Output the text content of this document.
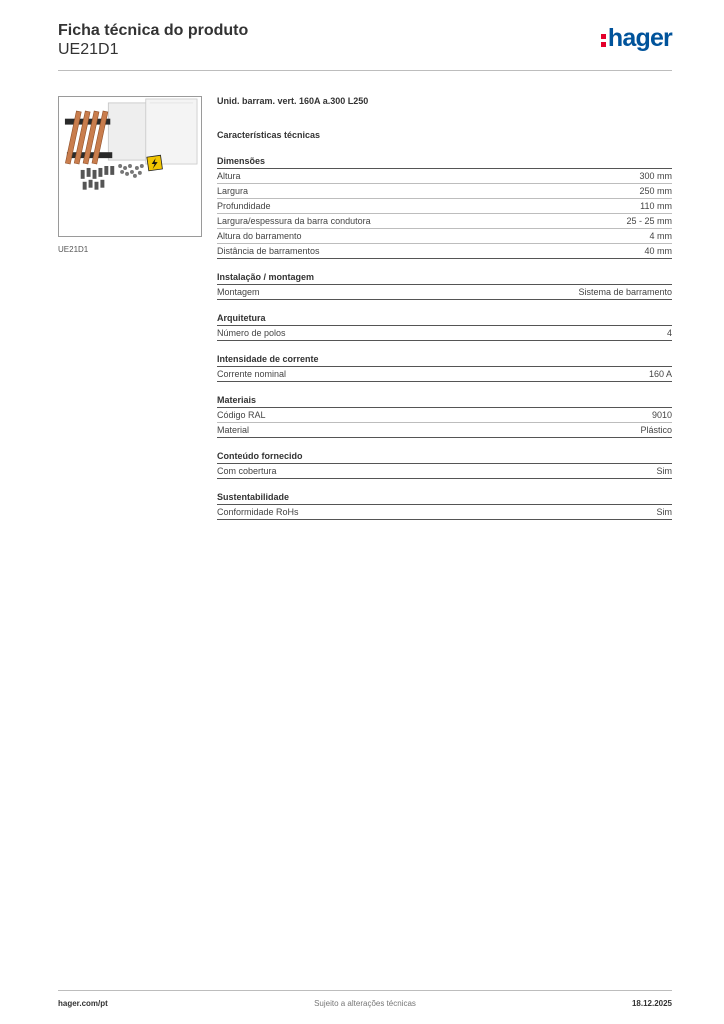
Ficha técnica do produto
UE21D1	hager
UE21D1
Unid. barram. vert. 160A a.300 L250
Características técnicas
Dimensões
Altura	300 mm
Largura	250 mm
Profundidade	110 mm
Largura/espessura da barra condutora	25 - 25 mm
Altura do barramento	4 mm
Distância de barramentos	40 mm
Instalação / montagem
Montagem	Sistema de barramento
Arquitetura
Número de polos	4
Intensidade de corrente
Corrente nominal	160 A
Materiais
Código RAL	9010
Material	Plástico
Conteúdo fornecido
Com cobertura	Sim
Sustentabilidade
Conformidade RoHs	Sim
Sujeito a alterações técnicas
hager.com/pt	18.12.2025
